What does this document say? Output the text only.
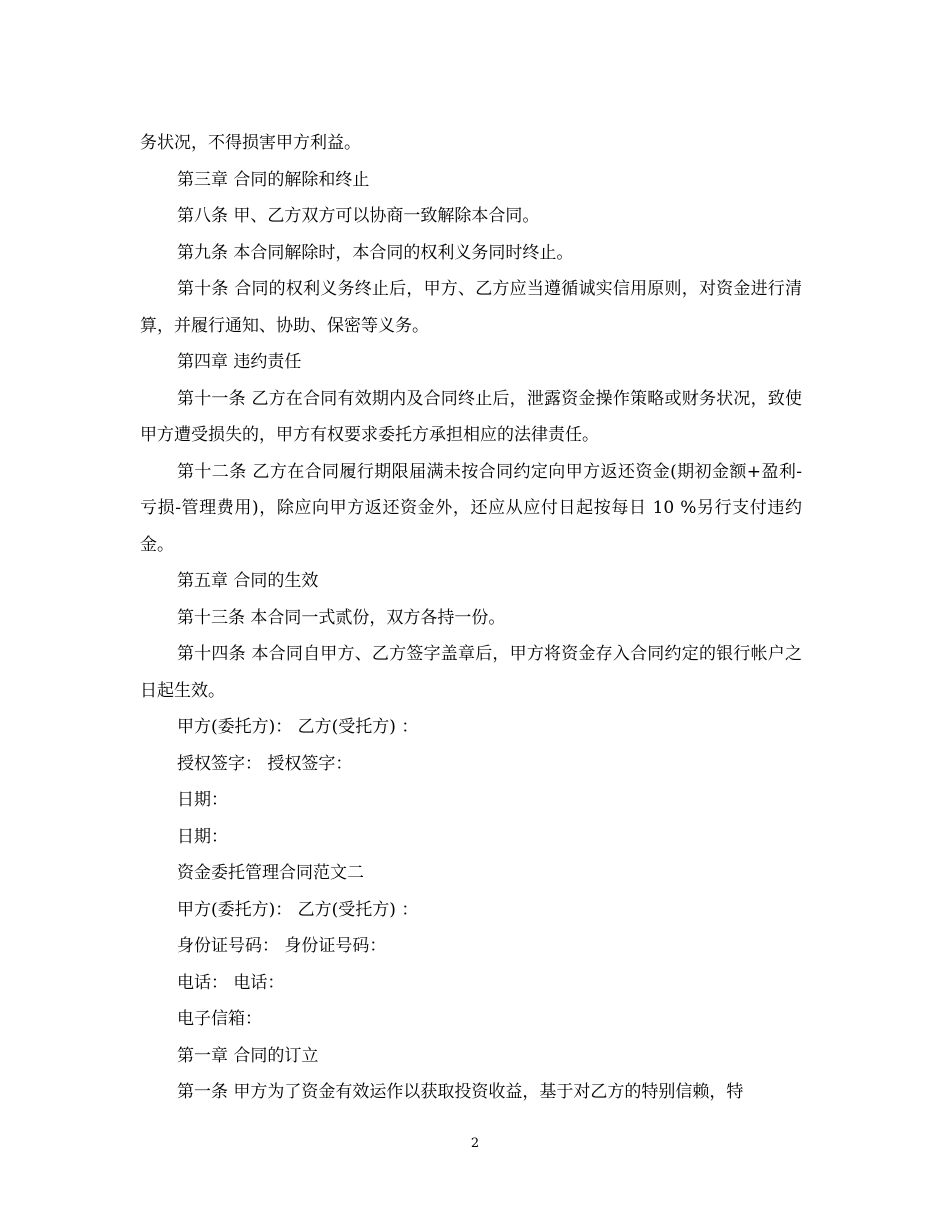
务状况，不得损害甲方利益。

第三章 合同的解除和终止

第八条 甲、乙方双方可以协商一致解除本合同。

第九条 本合同解除时，本合同的权利义务同时终止。

第十条 合同的权利义务终止后，甲方、乙方应当遵循诚实信用原则，对资金进行清算，并履行通知、协助、保密等义务。

第四章 违约责任

第十一条 乙方在合同有效期内及合同终止后，泄露资金操作策略或财务状况，致使甲方遭受损失的，甲方有权要求委托方承担相应的法律责任。

第十二条 乙方在合同履行期限届满未按合同约定向甲方返还资金(期初金额+盈利-亏损-管理费用)，除应向甲方返还资金外，还应从应付日起按每日 10 %另行支付违约金。

第五章 合同的生效

第十三条 本合同一式贰份，双方各持一份。

第十四条 本合同自甲方、乙方签字盖章后，甲方将资金存入合同约定的银行帐户之日起生效。

甲方(委托方)： 乙方(受托方) ：

授权签字： 授权签字：

日期：

日期：

资金委托管理合同范文二

甲方(委托方)： 乙方(受托方) ：

身份证号码： 身份证号码：

电话： 电话：

电子信箱：

第一章 合同的订立

第一条 甲方为了资金有效运作以获取投资收益，基于对乙方的特别信赖，特

2
